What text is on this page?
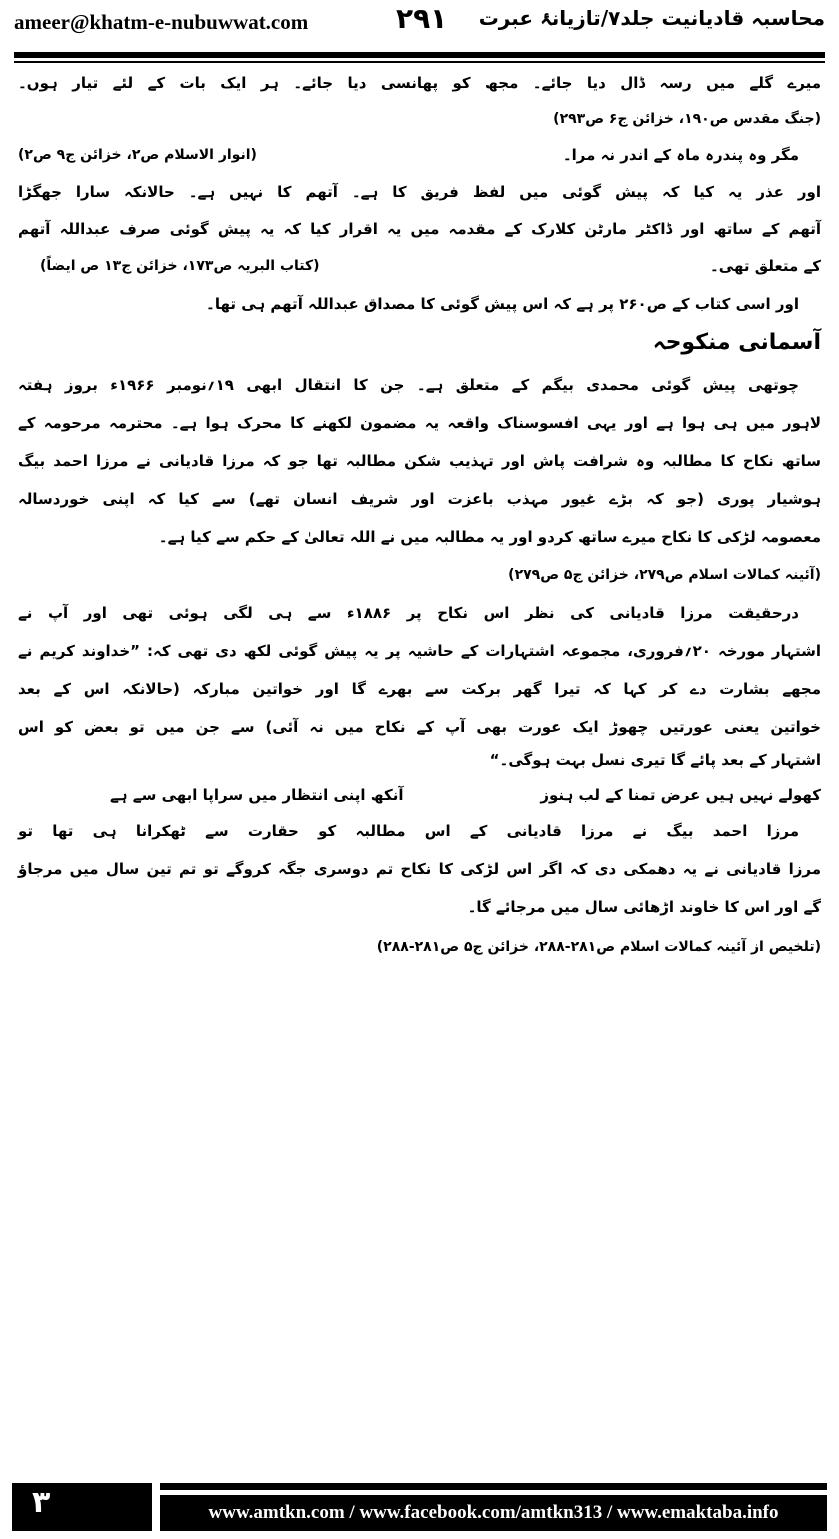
محاسبہ قادیانیت جلد۷/تازیانۂ عبرت
ameer@khatm-e-nubuwwat.com	۲۹۱
میرے گلے میں رسہ ڈال دیا جائے۔ مجھ کو پھانسی دیا جائے۔ ہر ایک بات کے لئے تیار ہوں۔
(جنگ مقدس ص۱۹۰، خزائن ج۶ ص۲۹۳)
مگر وہ پندرہ ماہ کے اندر نہ مرا۔
(انوار الاسلام ص۲، خزائن ج۹ ص۲)
اور عذر یہ کیا کہ پیش گوئی میں لفظ فریق کا ہے۔ آتھم کا نہیں ہے۔ حالانکہ سارا جھگڑا
آتھم کے ساتھ اور ڈاکٹر مارٹن کلارک کے مقدمہ میں یہ اقرار کیا کہ یہ پیش گوئی صرف عبداللہ آتھم
کے متعلق تھی۔
(کتاب البریہ ص۱۷۳، خزائن ج۱۳ ص ایضاً)
اور اسی کتاب کے ص۲۶۰ پر ہے کہ اس پیش گوئی کا مصداق عبداللہ آتھم ہی تھا۔
آسمانی منکوحہ
چوتھی پیش گوئی محمدی بیگم کے متعلق ہے۔ جن کا انتقال ابھی ۱۹؍نومبر ۱۹۶۶ء بروز ہفتہ
لاہور میں ہی ہوا ہے اور یہی افسوسناک واقعہ یہ مضمون لکھنے کا محرک ہوا ہے۔ محترمہ مرحومہ کے
ساتھ نکاح کا مطالبہ وہ شرافت پاش اور تہذیب شکن مطالبہ تھا جو کہ مرزا قادیانی نے مرزا احمد بیگ
ہوشیار پوری (جو کہ بڑے غیور مہذب باعزت اور شریف انسان تھے) سے کیا کہ اپنی خوردسالہ
معصومہ لڑکی کا نکاح میرے ساتھ کردو اور یہ مطالبہ میں نے اللہ تعالیٰ کے حکم سے کیا ہے۔
(آئینہ کمالات اسلام ص۲۷۹، خزائن ج۵ ص۲۷۹)
درحقیقت مرزا قادیانی کی نظر اس نکاح پر ۱۸۸۶ء سے ہی لگی ہوئی تھی اور آپ نے
اشتہار مورخہ ۲۰؍فروری، مجموعہ اشتہارات کے حاشیہ پر یہ پیش گوئی لکھ دی تھی کہ: ”خداوند کریم نے
مجھے بشارت دے کر کہا کہ تیرا گھر برکت سے بھرے گا اور خواتین مبارکہ (حالانکہ اس کے بعد
خواتین یعنی عورتیں چھوڑ ایک عورت بھی آپ کے نکاح میں نہ آئی) سے جن میں تو بعض کو اس
اشتہار کے بعد پائے گا تیری نسل بہت ہوگی۔“
کھولے نہیں ہیں عرض تمنا کے لب ہنوز
آنکھ اپنی انتظار میں سراپا ابھی سے ہے
مرزا احمد بیگ نے مرزا قادیانی کے اس مطالبہ کو حقارت سے ٹھکرانا ہی تھا تو
مرزا قادیانی نے یہ دھمکی دی کہ اگر اس لڑکی کا نکاح تم دوسری جگہ کروگے تو تم تین سال میں مرجاؤ
گے اور اس کا خاوند اڑھائی سال میں مرجائے گا۔
(تلخیص از آئینہ کمالات اسلام ص۲۸۱-۲۸۸، خزائن ج۵ ص۲۸۱-۲۸۸)
۳	www.amtkn.com / www.facebook.com/amtkn313 / www.emaktaba.info
